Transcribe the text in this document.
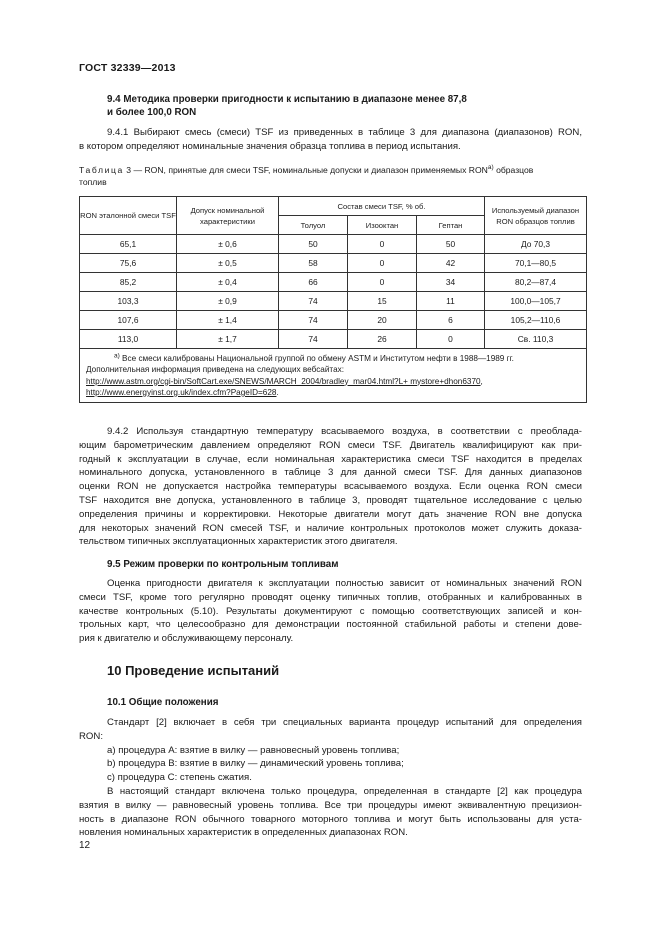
ГОСТ 32339—2013
9.4 Методика проверки пригодности к испытанию в диапазоне менее 87,8
и более 100,0 RON
9.4.1 Выбирают смесь (смеси) TSF из приведенных в таблице 3 для диапазона (диапазонов) RON,
в котором определяют номинальные значения образца топлива в период испытания.
Таблица 3 — RON, принятые для смеси TSF, номинальные допуски и диапазон применяемых RON$^{a)}$ образцов
топлив
RON эталонной смеси TSF	Допуск номинальной характеристики	Состав смеси TSF, % об.			Используемый диапазон RON образцов топлив
		Толуол	Изооктан	Гептан	
65,1	± 0,6	50	0	50	До 70,3
75,6	± 0,5	58	0	42	70,1—80,5
85,2	± 0,4	66	0	34	80,2—87,4
103,3	± 0,9	74	15	11	100,0—105,7
107,6	± 1,4	74	20	6	105,2—110,6
113,0	± 1,7	74	26	0	Св. 110,3

$^{a)}$ Все смеси калиброваны Национальной группой по обмену ASTM и Институтом нефти в 1988—1989 гг.
Дополнительная информация приведена на следующих вебсайтах:
http://www.astm.org/cgi-bin/SoftCart.exe/SNEWS/MARCH_2004/bradley_mar04.html?L+ mystore+dhon6370,
http://www.energyinst.org.uk/index.cfm?PageID=628.					
9.4.2 Используя стандартную температуру всасываемого воздуха, в соответствии с преоблада-
ющим барометрическим давлением определяют RON смеси TSF. Двигатель квалифицируют как при-
годный к эксплуатации в случае, если номинальная характеристика смеси TSF находится в пределах
номинального допуска, установленного в таблице 3 для данной смеси TSF. Для данных диапазонов
оценки RON не допускается настройка температуры всасываемого воздуха. Если оценка RON смеси
TSF находится вне допуска, установленного в таблице 3, проводят тщательное исследование с целью
определения причины и корректировки. Некоторые двигатели могут дать значение RON вне допуска
для некоторых значений RON смесей TSF, и наличие контрольных протоколов может служить доказа-
тельством типичных эксплуатационных характеристик этого двигателя.
9.5 Режим проверки по контрольным топливам
Оценка пригодности двигателя к эксплуатации полностью зависит от номинальных значений RON
смеси TSF, кроме того регулярно проводят оценку типичных топлив, отобранных и калиброванных в
качестве контрольных (5.10). Результаты документируют с помощью соответствующих записей и кон-
трольных карт, что целесообразно для демонстрации постоянной стабильной работы и степени дове-
рия к двигателю и обслуживающему персоналу.
10 Проведение испытаний
10.1 Общие положения
Стандарт [2] включает в себя три специальных варианта процедур испытаний для определения
RON:
а) процедура А: взятие в вилку — равновесный уровень топлива;
b) процедура В: взятие в вилку — динамический уровень топлива;
c) процедура С: степень сжатия.
В настоящий стандарт включена только процедура, определенная в стандарте [2] как процедура
взятия в вилку — равновесный уровень топлива. Все три процедуры имеют эквивалентную прецизион-
ность в диапазоне RON обычного товарного моторного топлива и могут быть использованы для уста-
новления номинальных характеристик в определенных диапазонах RON.
12
